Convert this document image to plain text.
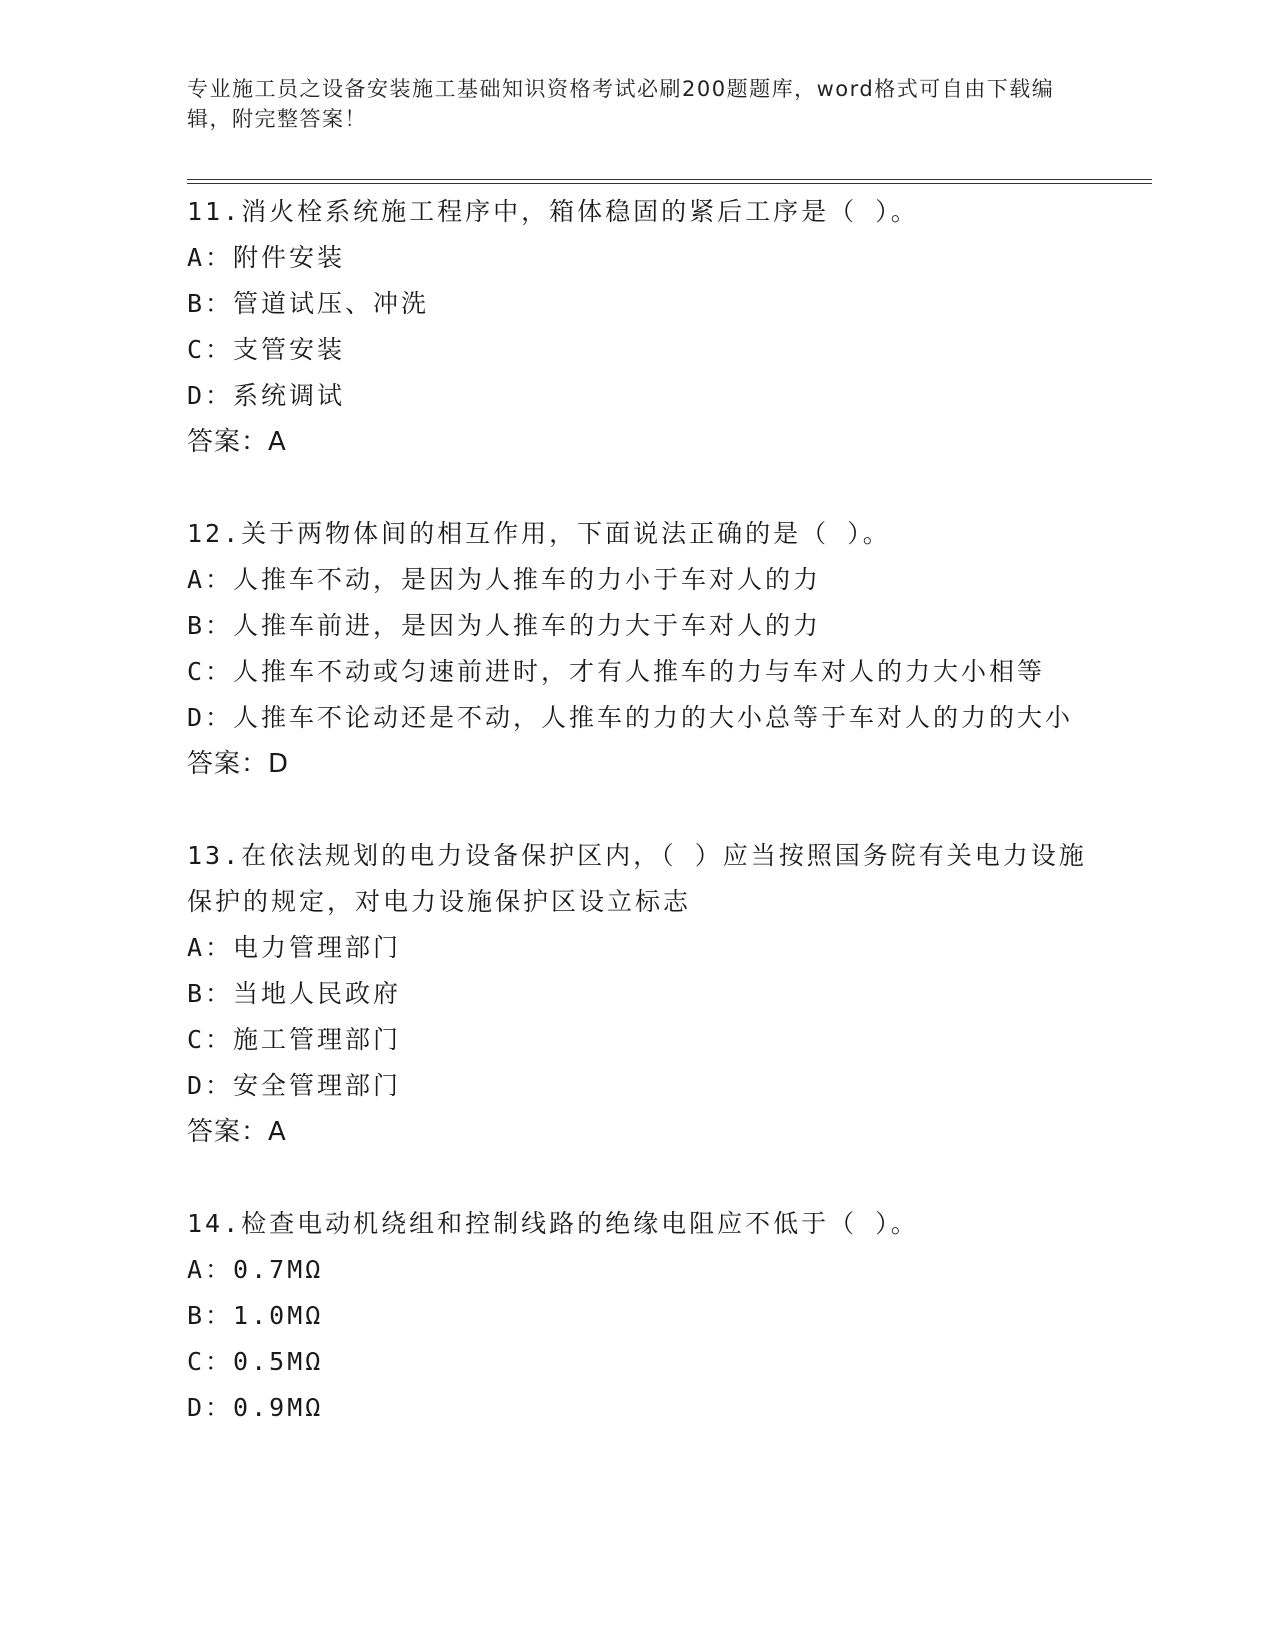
专业施工员之设备安装施工基础知识资格考试必刷200题题库，word格式可自由下载编辑，附完整答案！
11.消火栓系统施工程序中，箱体稳固的紧后工序是（ ）。
A：附件安装
B：管道试压、冲洗
C：支管安装
D：系统调试
答案：A
12.关于两物体间的相互作用，下面说法正确的是（ ）。
A：人推车不动，是因为人推车的力小于车对人的力
B：人推车前进，是因为人推车的力大于车对人的力
C：人推车不动或匀速前进时，才有人推车的力与车对人的力大小相等
D：人推车不论动还是不动，人推车的力的大小总等于车对人的力的大小
答案：D
13.在依法规划的电力设备保护区内，（ ）应当按照国务院有关电力设施保护的规定，对电力设施保护区设立标志
A：电力管理部门
B：当地人民政府
C：施工管理部门
D：安全管理部门
答案：A
14.检查电动机绕组和控制线路的绝缘电阻应不低于（ ）。
A：0.7MΩ
B：1.0MΩ
C：0.5MΩ
D：0.9MΩ
